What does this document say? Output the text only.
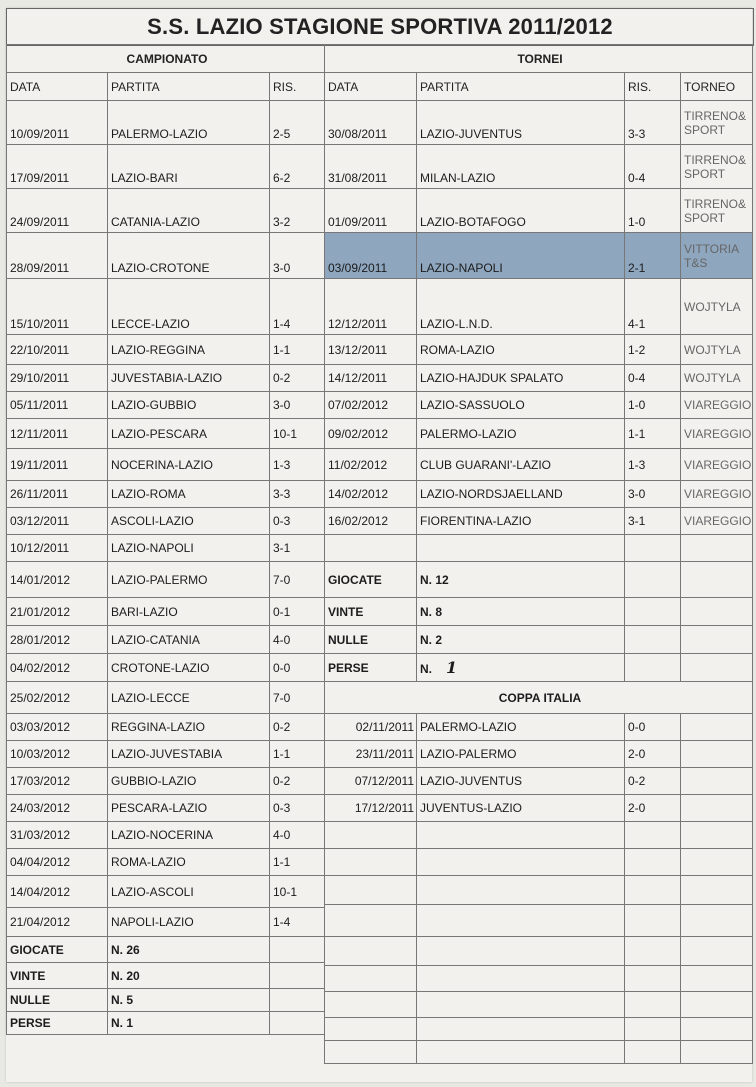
S.S. LAZIO STAGIONE SPORTIVA 2011/2012
CAMPIONATO		
DATA	PARTITA	RIS.
10/09/2011	PALERMO-LAZIO	2-5
17/09/2011	LAZIO-BARI	6-2
24/09/2011	CATANIA-LAZIO	3-2
28/09/2011	LAZIO-CROTONE	3-0
15/10/2011	LECCE-LAZIO	1-4
22/10/2011	LAZIO-REGGINA	1-1
29/10/2011	JUVESTABIA-LAZIO	0-2
05/11/2011	LAZIO-GUBBIO	3-0
12/11/2011	LAZIO-PESCARA	10-1
19/11/2011	NOCERINA-LAZIO	1-3
26/11/2011	LAZIO-ROMA	3-3
03/12/2011	ASCOLI-LAZIO	0-3
10/12/2011	LAZIO-NAPOLI	3-1
14/01/2012	LAZIO-PALERMO	7-0
21/01/2012	BARI-LAZIO	0-1
28/01/2012	LAZIO-CATANIA	4-0
04/02/2012	CROTONE-LAZIO	0-0
25/02/2012	LAZIO-LECCE	7-0
03/03/2012	REGGINA-LAZIO	0-2
10/03/2012	LAZIO-JUVESTABIA	1-1
17/03/2012	GUBBIO-LAZIO	0-2
24/03/2012	PESCARA-LAZIO	0-3
31/03/2012	LAZIO-NOCERINA	4-0
04/04/2012	ROMA-LAZIO	1-1
14/04/2012	LAZIO-ASCOLI	10-1
21/04/2012	NAPOLI-LAZIO	1-4
GIOCATE	N. 26	
VINTE	N. 20	
NULLE	N. 5	
PERSE	N. 1	
TORNEI			
DATA	PARTITA	RIS.	TORNEO
30/08/2011	LAZIO-JUVENTUS	3-3	TIRRENO&
SPORT

31/08/2011	MILAN-LAZIO	0-4	TIRRENO&
SPORT

01/09/2011	LAZIO-BOTAFOGO	1-0	TIRRENO&
SPORT

03/09/2011	LAZIO-NAPOLI	2-1	VITTORIA
T&S

12/12/2011	LAZIO-L.N.D.	4-1	WOJTYLA

13/12/2011	ROMA-LAZIO	1-2	WOJTYLA

14/12/2011	LAZIO-HAJDUK SPALATO	0-4	WOJTYLA

07/02/2012	LAZIO-SASSUOLO	1-0	VIAREGGIO

09/02/2012	PALERMO-LAZIO	1-1	VIAREGGIO

11/02/2012	CLUB GUARANI'-LAZIO	1-3	VIAREGGIO

14/02/2012	LAZIO-NORDSJAELLAND	3-0	VIAREGGIO

16/02/2012	FIORENTINA-LAZIO	3-1	VIAREGGIO

GIOCATE	N. 12		
VINTE	N. 8		
NULLE	N. 2		
PERSE	N. 1		
COPPA ITALIA			
02/11/2011	PALERMO-LAZIO	0-0	
23/11/2011	LAZIO-PALERMO	2-0	
07/12/2011	LAZIO-JUVENTUS	0-2	
17/12/2011	JUVENTUS-LAZIO	2-0	
